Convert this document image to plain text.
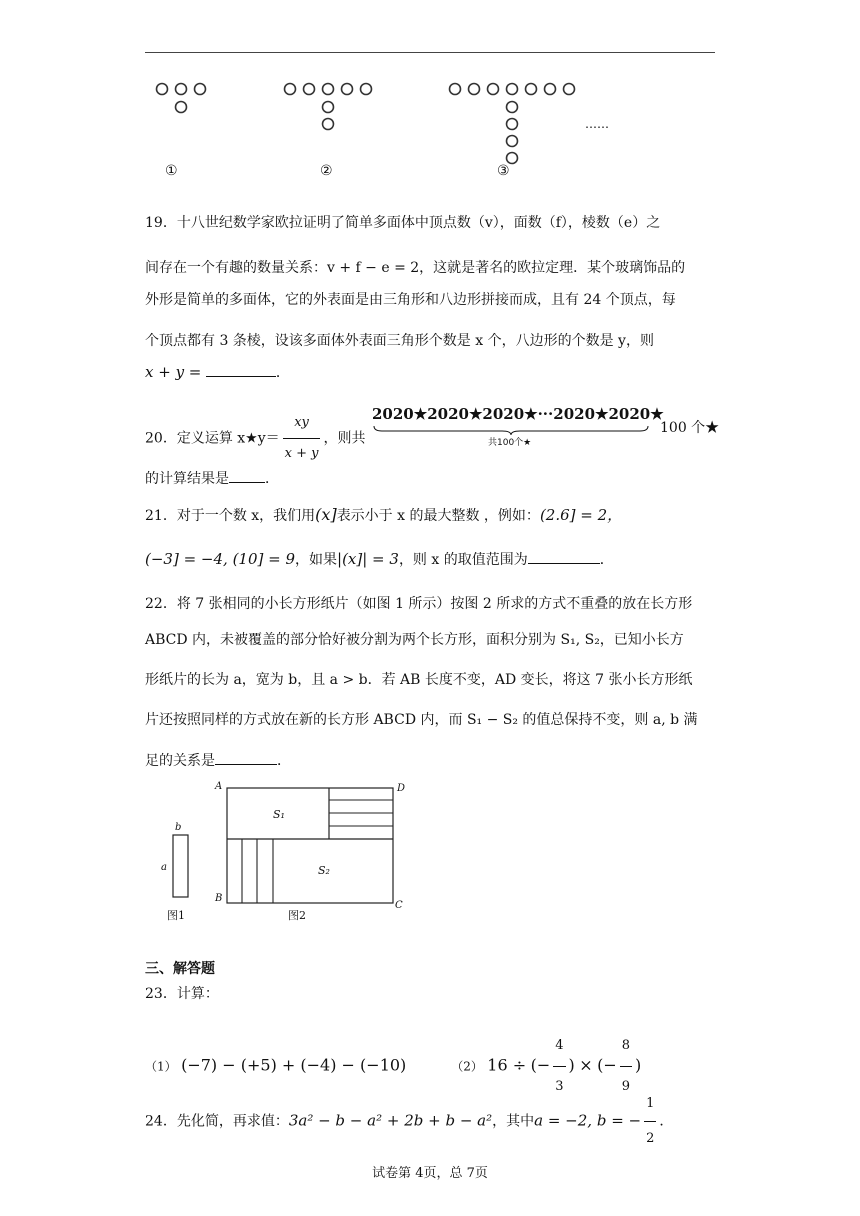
……
①	②	③
19．十八世纪数学家欧拉证明了简单多面体中顶点数（v），面数（f），棱数（e）之
间存在一个有趣的数量关系：v + f − e = 2，这就是著名的欧拉定理．某个玻璃饰品的
外形是简单的多面体，它的外表面是由三角形和八边形拼接而成，且有 24 个顶点，每
个顶点都有 3 条棱，设该多面体外表面三角形个数是 x 个，八边形的个数是 y，则
x + y =	．
20．定义运算 x★y＝ $\frac{xy}{x + y}$ ，则共
2020★2020★2020★···2020★2020★
共100个★
100 个★
的计算结果是	．
21．对于一个数 x，我们用(x]表示小于 x 的最大整数 ，例如：(2.6] = 2，
(−3] = −4, (10] = 9，如果|(x]| = 3，则 x 的取值范围为	．
22．将 7 张相同的小长方形纸片（如图 1 所示）按图 2 所求的方式不重叠的放在长方形
ABCD 内，未被覆盖的部分恰好被分割为两个长方形，面积分别为 S₁, S₂，已知小长方
形纸片的长为 a，宽为 b，且 a > b．若 AB 长度不变，AD 变长，将这 7 张小长方形纸
片还按照同样的方式放在新的长方形 ABCD 内，而 S₁ − S₂ 的值总保持不变，则 a, b 满
足的关系是	．
b
a
A	D
B
C
S₁
S₂
图1	图2
三、解答题
23．计算：
（1） (−7) − (+5) + (−4) − (−10)	（2） 16 ÷ (− $\frac{4}{3}$ ) × (− $\frac{8}{9}$ )
24．先化简，再求值：3a² − b − a² + 2b + b − a²，其中a = −2, b = − $\frac{1}{2}$ ．
试卷第 4页，总 7页
